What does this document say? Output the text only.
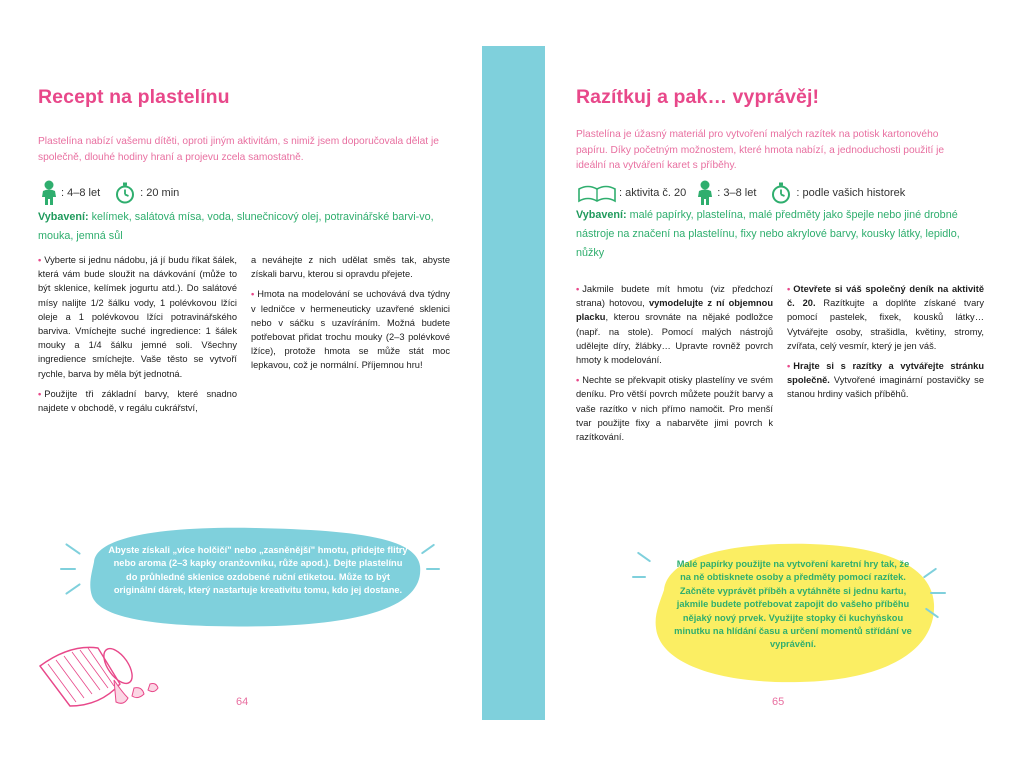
Recept na plastelínu
Plastelína nabízí vašemu dítěti, oproti jiným aktivitám, s nimiž jsem doporučovala dělat je společně, dlouhé hodiny hraní a projevu zcela samostatně.
: 4–8 let	: 20 min
Vybavení: kelímek, salátová mísa, voda, slunečnicový olej, potravinářské barvi-vo, mouka, jemná sůl

• Vyberte si jednu nádobu, já jí budu říkat šálek, která vám bude sloužit na dávkování (může to být sklenice, kelímek jogurtu atd.). Do salátové mísy nalijte 1/2 šálku vody, 1 polévkovou lžíci oleje a 1 polévkovou lžíci potravinářského barviva. Vmíchejte suché ingredience: 1 šálek mouky a 1/4 šálku jemné soli. Všechny ingredience smíchejte. Vaše těsto se vytvoří rychle, barva by měla být jednotná.

• Použijte tři základní barvy, které snadno najdete v obchodě, v regálu cukrářství,

a neváhejte z nich udělat směs tak, abyste získali barvu, kterou si opravdu přejete.

• Hmota na modelování se uchovává dva týdny v ledničce v hermeneuticky uzavřené sklenici nebo v sáčku s uzavíráním. Možná budete potřebovat přidat trochu mouky (2–3 polévkové lžíce), protože hmota se může stát moc lepkavou, což je normální. Příjemnou hru!

Abyste získali „více holčičí" nebo „zasněnější" hmotu, přidejte flitry nebo aroma (2–3 kapky oranžovníku, růže apod.). Dejte plastelínu do průhledné sklenice ozdobené ruční etiketou. Může to být originální dárek, který nastartuje kreativitu tomu, kdo jej dostane.
64
Razítkuj a pak… vyprávěj!
Plastelína je úžasný materiál pro vytvoření malých razítek na potisk kartonového papíru. Díky početným možnostem, které hmota nabízí, a jednoduchosti použití je ideální na vytváření karet s příběhy.
: aktivita č. 20	: 3–8 let	: podle vašich historek
Vybavení: malé papírky, plastelína, malé předměty jako špejle nebo jiné drobné nástroje na značení na plastelínu, fixy nebo akrylové barvy, kousky látky, lepidlo, nůžky

• Jakmile budete mít hmotu (viz předchozí strana) hotovou, vymodelujte z ní objemnou placku, kterou srovnáte na nějaké podložce (např. na stole). Pomocí malých nástrojů udělejte díry, žlábky… Upravte rovněž povrch hmoty k modelování.

• Nechte se překvapit otisky plastelíny ve svém deníku. Pro větší povrch můžete použít barvy a vaše razítko v nich přímo namočit. Pro menší tvar použijte fixy a nabarvěte jimi povrch k razítkování.

• Otevřete si váš společný deník na aktivitě č. 20. Razítkujte a doplňte získané tvary pomocí pastelek, fixek, kousků látky… Vytvářejte osoby, strašidla, květiny, stromy, zvířata, celý vesmír, který je jen váš.

• Hrajte si s razítky a vytvářejte stránku společně. Vytvořené imaginární postavičky se stanou hrdiny vašich příběhů.

Malé papírky použijte na vytvoření karetní hry tak, že na ně obtisknete osoby a předměty pomocí razítek. Začněte vyprávět příběh a vytáhněte si jednu kartu, jakmile budete potřebovat zapojit do vašeho příběhu nějaký nový prvek. Využijte stopky či kuchyňskou minutku na hlídání času a určení momentů střídání ve vyprávění.
65
